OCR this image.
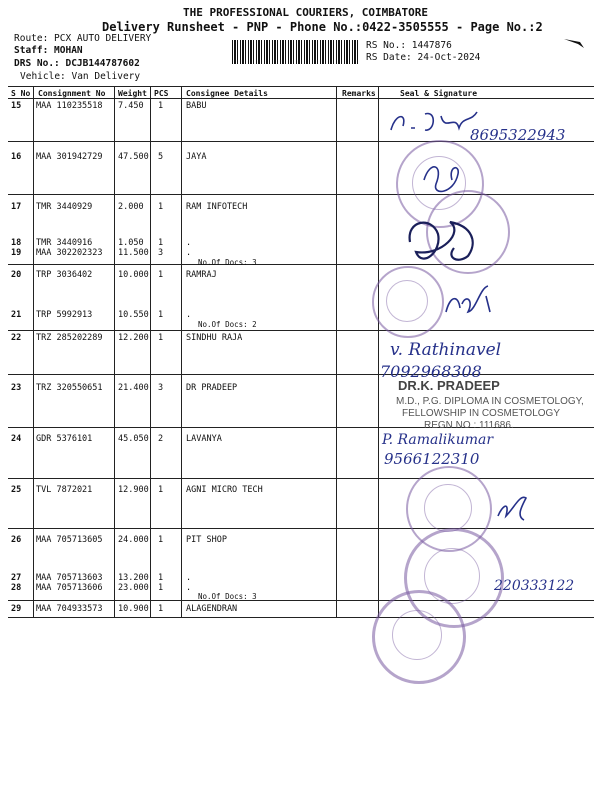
THE PROFESSIONAL COURIERS, COIMBATORE
Delivery Runsheet - PNP - Phone No.:0422-3505555 - Page No.:2
Route: PCX AUTO DELIVERY
Staff: MOHAN
DRS No.: DCJB144787602
Vehicle: Van Delivery
RS No.: 1447876
RS Date: 24-Oct-2024
S No Consignment No Weight PCS Consignee Details	Remarks	Seal & Signature
15 MAA 110235518 7.450 1	BABU
16 MAA 301942729 47.500 5	JAYA
17 TMR 3440929	2.000 1	RAM INFOTECH
18 TMR 3440916	1.050 1	.
19 MAA 302202323 11.500 3	.
No.Of Docs: 3
20 TRP 3036402	10.000 1	RAMRAJ
21 TRP 5992913	10.550 1	.
No.Of Docs: 2
22 TRZ 285202289 12.200 1	SINDHU RAJA
23 TRZ 320550651 21.400 3	DR PRADEEP
24 GDR 5376101	45.050 2	LAVANYA
25 TVL 7872021	12.900 1	AGNI MICRO TECH
26 MAA 705713605 24.000 1	PIT SHOP
27 MAA 705713603 13.200 1	.
28 MAA 705713606 23.000 1	.
No.Of Docs: 3
29 MAA 704933573 10.900 1	ALAGENDRAN
8695322943
v. Rathinavel
7092968308
DR.K. PRADEEP
M.D., P.G. DIPLOMA IN COSMETOLOGY,
FELLOWSHIP IN COSMETOLOGY
REGN NO : 111686.
P. Ramalikumar
9566122310
220333122
